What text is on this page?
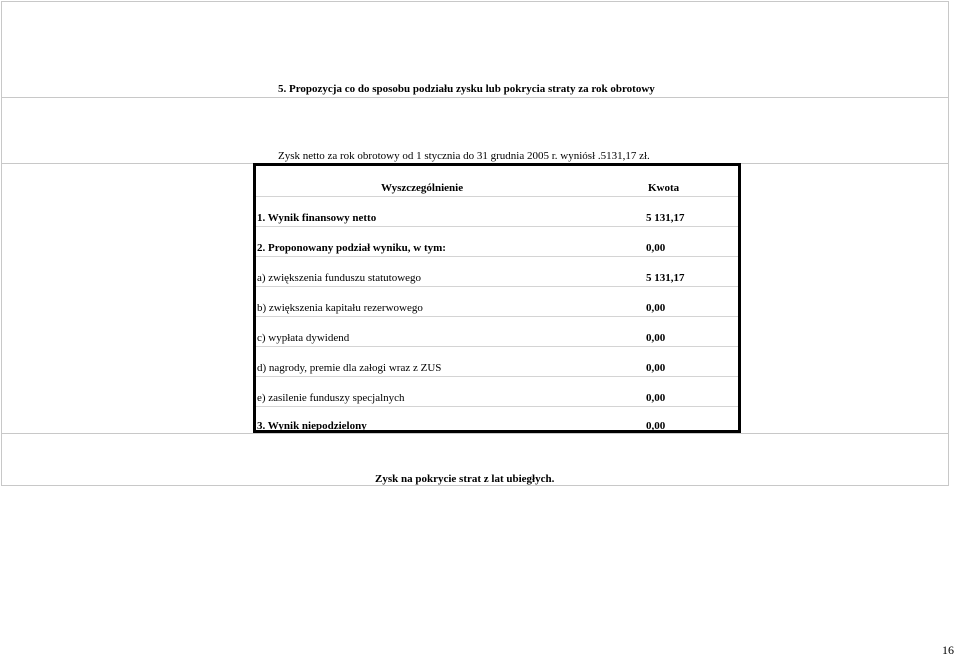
5. Propozycja co do sposobu podziału zysku lub pokrycia straty za rok obrotowy
Zysk netto za rok obrotowy od 1 stycznia do 31 grudnia 2005 r. wyniósł .5131,17 zł.
Wyszczególnienie	Kwota
1. Wynik finansowy netto	5 131,17
2. Proponowany podział wyniku, w tym:	0,00
a) zwiększenia funduszu statutowego	5 131,17
b) zwiększenia kapitału rezerwowego	0,00
c) wypłata dywidend	0,00
d) nagrody, premie dla załogi wraz z ZUS	0,00
e) zasilenie funduszy specjalnych	0,00
3. Wynik niepodzielony	0,00
Zysk na pokrycie strat z lat ubiegłych.
16
